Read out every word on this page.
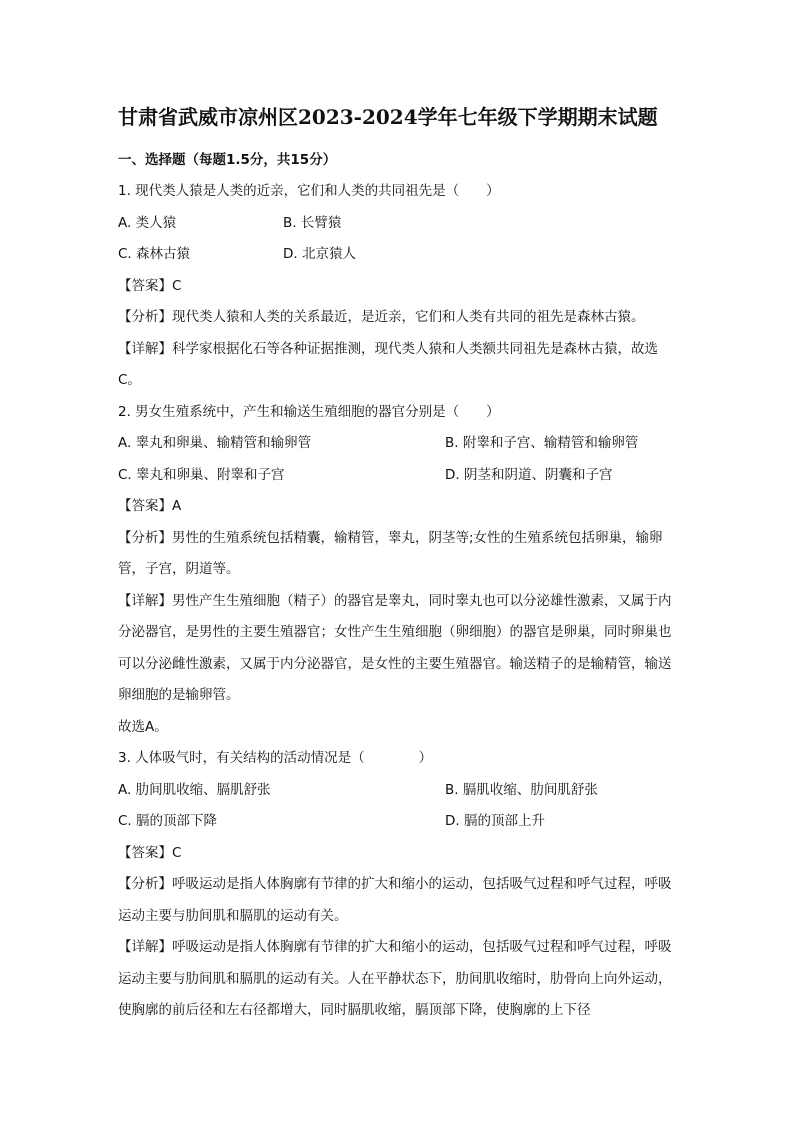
甘肃省武威市凉州区2023-2024学年七年级下学期期末试题
一、选择题（每题1.5分，共15分）
1. 现代类人猿是人类的近亲，它们和人类的共同祖先是（　　）
A. 类人猿	B. 长臂猿
C. 森林古猿	D. 北京猿人
【答案】C
【分析】现代类人猿和人类的关系最近，是近亲，它们和人类有共同的祖先是森林古猿。
【详解】科学家根据化石等各种证据推测，现代类人猿和人类额共同祖先是森林古猿，故选C。
2. 男女生殖系统中，产生和输送生殖细胞的器官分别是（　　）
A. 睾丸和卵巢、输精管和输卵管	B. 附睾和子宫、输精管和输卵管
C. 睾丸和卵巢、附睾和子宫	D. 阴茎和阴道、阴囊和子宫
【答案】A
【分析】男性的生殖系统包括精囊，输精管，睾丸，阴茎等;女性的生殖系统包括卵巢，输卵管，子宫，阴道等。
【详解】男性产生生殖细胞（精子）的器官是睾丸，同时睾丸也可以分泌雄性激素，又属于内分泌器官，是男性的主要生殖器官；女性产生生殖细胞（卵细胞）的器官是卵巢，同时卵巢也可以分泌雌性激素，又属于内分泌器官，是女性的主要生殖器官。输送精子的是输精管，输送卵细胞的是输卵管。
故选A。
3. 人体吸气时，有关结构的活动情况是（　　　　）
A. 肋间肌收缩、膈肌舒张	B. 膈肌收缩、肋间肌舒张
C. 膈的顶部下降	D. 膈的顶部上升
【答案】C
【分析】呼吸运动是指人体胸廓有节律的扩大和缩小的运动，包括吸气过程和呼气过程，呼吸运动主要与肋间肌和膈肌的运动有关。
【详解】呼吸运动是指人体胸廓有节律的扩大和缩小的运动，包括吸气过程和呼气过程，呼吸运动主要与肋间肌和膈肌的运动有关。人在平静状态下，肋间肌收缩时，肋骨向上向外运动，使胸廓的前后径和左右径都增大，同时膈肌收缩，膈顶部下降，使胸廓的上下径
